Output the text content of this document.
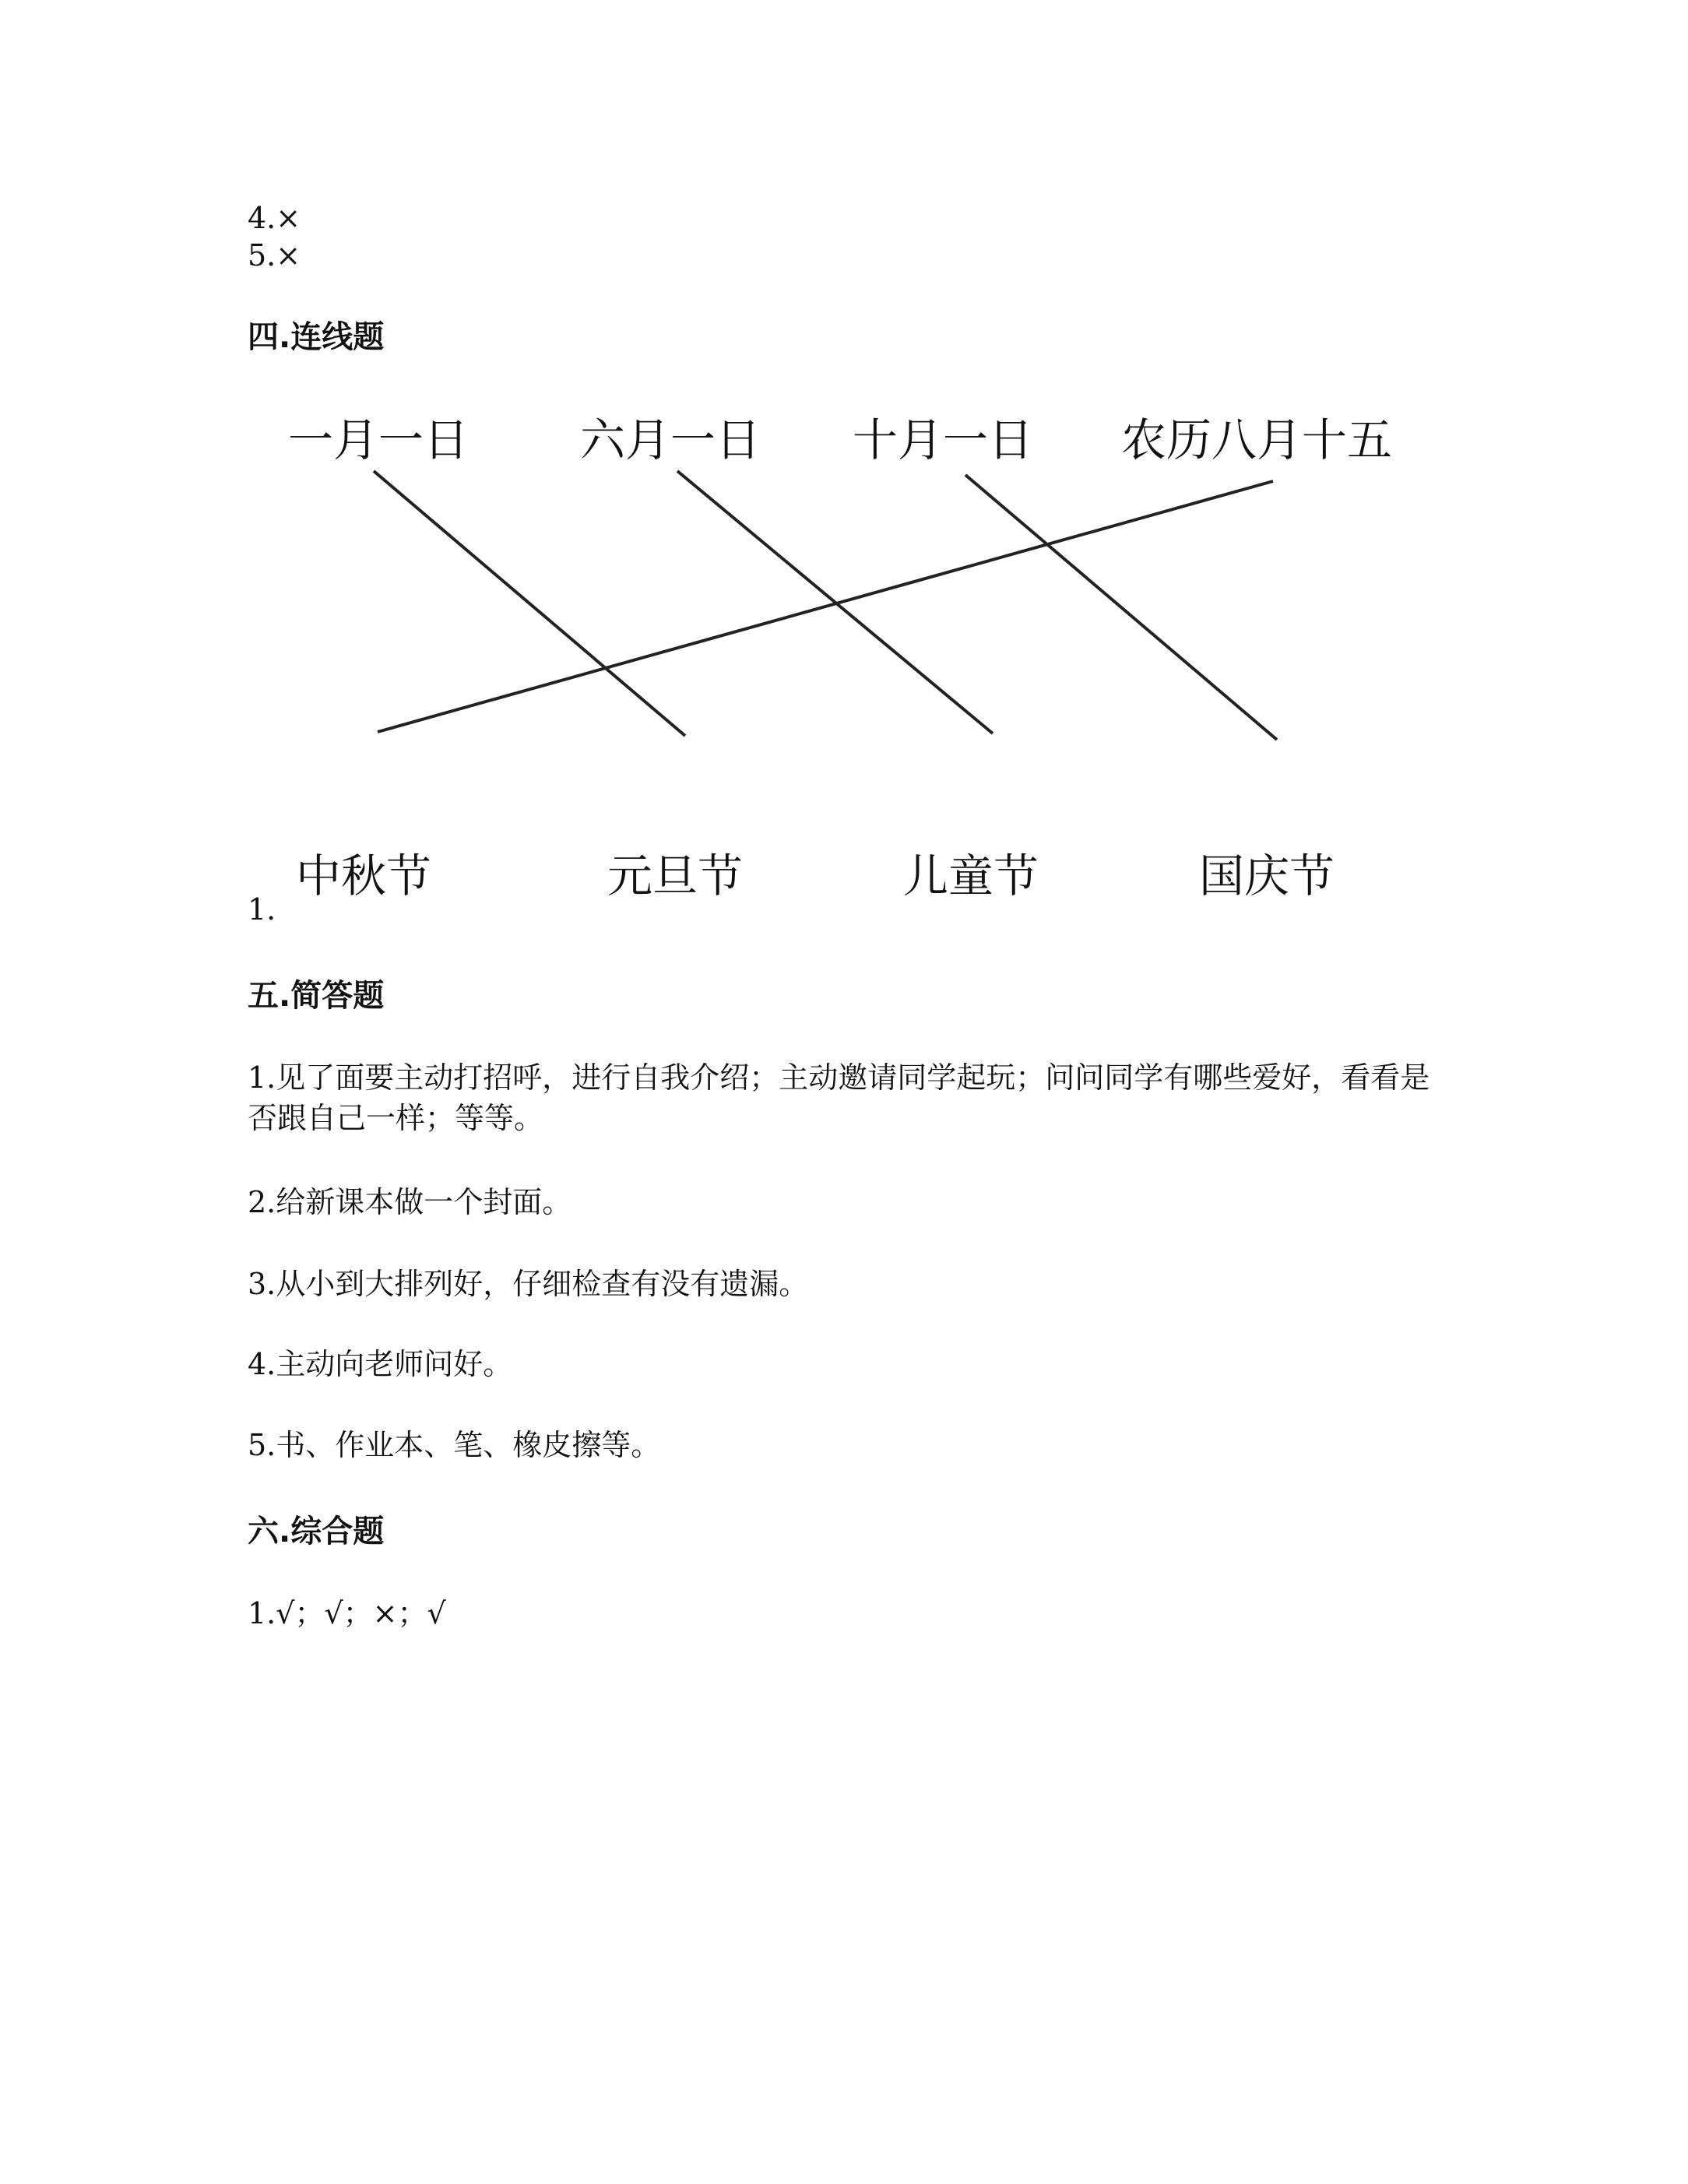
4.×
5.×
四.连线题
一月一日 六月一日 十月一日 农历八月十五
中秋节	元旦节	儿童节	国庆节
1.
五.简答题
1.见了面要主动打招呼，进行自我介绍；主动邀请同学起玩；问问同学有哪些爱好，看看是否跟自己一样；等等。
2.给新课本做一个封面。
3.从小到大排列好，仔细检查有没有遗漏。
4.主动向老师问好。
5.书、作业本、笔、橡皮擦等。
六.综合题
1.√；√；×；√
